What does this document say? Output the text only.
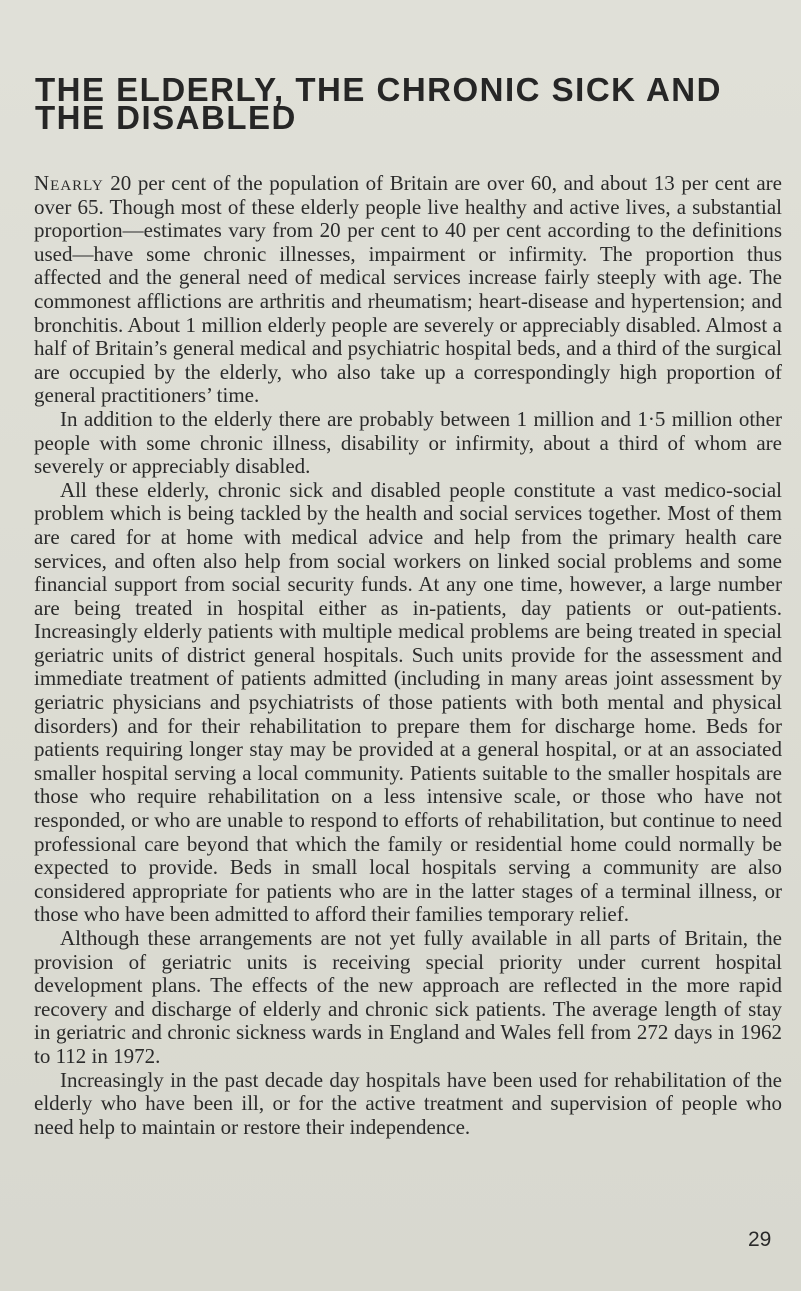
THE ELDERLY, THE CHRONIC SICK AND
THE DISABLED

Nearly 20 per cent of the population of Britain are over 60, and about 13 per cent are over 65. Though most of these elderly people live healthy and active lives, a substantial proportion—estimates vary from 20 per cent to 40 per cent according to the definitions used—have some chronic illnesses, impairment or infirmity. The proportion thus affected and the general need of medical services increase fairly steeply with age. The commonest afflictions are arthritis and rheumatism; heart-disease and hypertension; and bronchitis. About 1 million elderly people are severely or appreciably disabled. Almost a half of Britain’s general medical and psychiatric hospital beds, and a third of the surgical are occupied by the elderly, who also take up a correspondingly high proportion of general practitioners’ time.

In addition to the elderly there are probably between 1 million and 1·5 million other people with some chronic illness, disability or infirmity, about a third of whom are severely or appreciably disabled.

All these elderly, chronic sick and disabled people constitute a vast medico-social problem which is being tackled by the health and social services together. Most of them are cared for at home with medical advice and help from the primary health care services, and often also help from social workers on linked social problems and some financial support from social security funds. At any one time, however, a large number are being treated in hospital either as in-patients, day patients or out-patients. Increasingly elderly patients with multiple medical problems are being treated in special geriatric units of district general hospitals. Such units provide for the assessment and immediate treatment of patients admitted (including in many areas joint assessment by geriatric physicians and psychiatrists of those patients with both mental and physical disorders) and for their rehabilitation to prepare them for discharge home. Beds for patients requiring longer stay may be provided at a general hospital, or at an associated smaller hospital serving a local community. Patients suitable to the smaller hospitals are those who require rehabilitation on a less intensive scale, or those who have not responded, or who are unable to respond to efforts of rehabilitation, but continue to need professional care beyond that which the family or residential home could normally be expected to provide. Beds in small local hospitals serving a community are also considered appropriate for patients who are in the latter stages of a terminal illness, or those who have been admitted to afford their families temporary relief.

Although these arrangements are not yet fully available in all parts of Britain, the provision of geriatric units is receiving special priority under current hospital development plans. The effects of the new approach are reflected in the more rapid recovery and discharge of elderly and chronic sick patients. The average length of stay in geriatric and chronic sickness wards in England and Wales fell from 272 days in 1962 to 112 in 1972.

Increasingly in the past decade day hospitals have been used for rehabilitation of the elderly who have been ill, or for the active treatment and supervision of people who need help to maintain or restore their independence.

29
